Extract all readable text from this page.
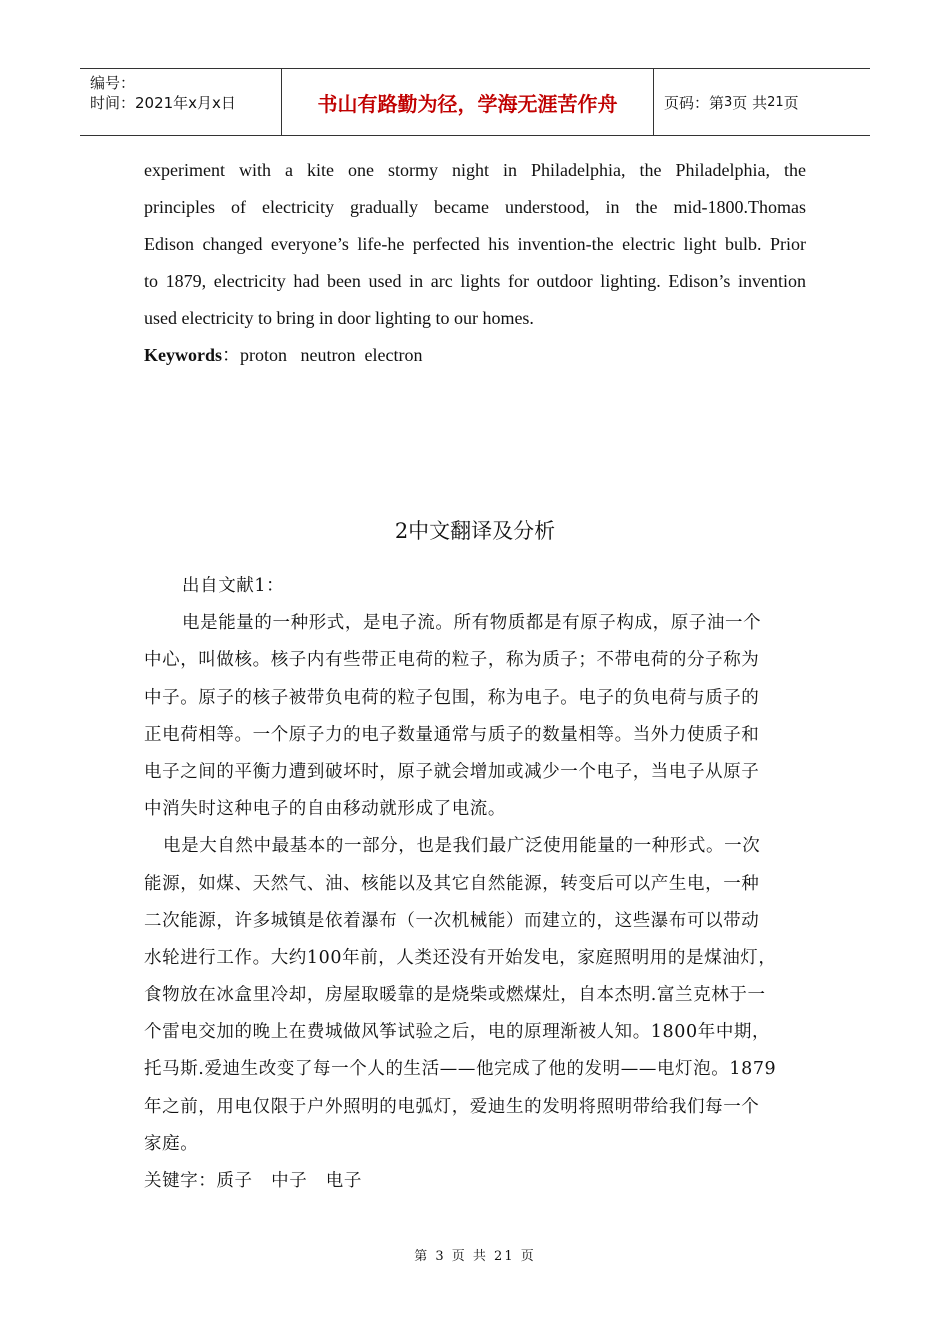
编号：
时间：2021年x月x日	书山有路勤为径，学海无涯苦作舟	页码：第 3 页 共 21 页
experiment with a kite one stormy night in Philadelphia, the Philadelphia, the
principles of electricity gradually became understood, in the mid-1800.Thomas
Edison changed everyone’s life-he perfected his invention-the electric light bulb. Prior
to 1879, electricity had been used in arc lights for outdoor lighting. Edison’s invention
used electricity to bring in door lighting to our homes.
Keywords：proton   neutron  electron
2中文翻译及分析
出自文献1：
电是能量的一种形式，是电子流。所有物质都是有原子构成，原子油一个
中心，叫做核。核子内有些带正电荷的粒子，称为质子；不带电荷的分子称为
中子。原子的核子被带负电荷的粒子包围，称为电子。电子的负电荷与质子的
正电荷相等。一个原子力的电子数量通常与质子的数量相等。当外力使质子和
电子之间的平衡力遭到破坏时，原子就会增加或减少一个电子，当电子从原子
中消失时这种电子的自由移动就形成了电流。
电是大自然中最基本的一部分，也是我们最广泛使用能量的一种形式。一次
能源，如煤、天然气、油、核能以及其它自然能源，转变后可以产生电，一种
二次能源，许多城镇是依着瀑布（一次机械能）而建立的，这些瀑布可以带动
水轮进行工作。大约100年前，人类还没有开始发电，家庭照明用的是煤油灯，
食物放在冰盒里冷却，房屋取暖靠的是烧柴或燃煤灶，自本杰明.富兰克林于一
个雷电交加的晚上在费城做风筝试验之后，电的原理渐被人知。1800年中期，
托马斯.爱迪生改变了每一个人的生活——他完成了他的发明——电灯泡。1879
年之前，用电仅限于户外照明的电弧灯，爱迪生的发明将照明带给我们每一个
家庭。
关键字：质子   中子   电子
第 3 页 共 21 页
